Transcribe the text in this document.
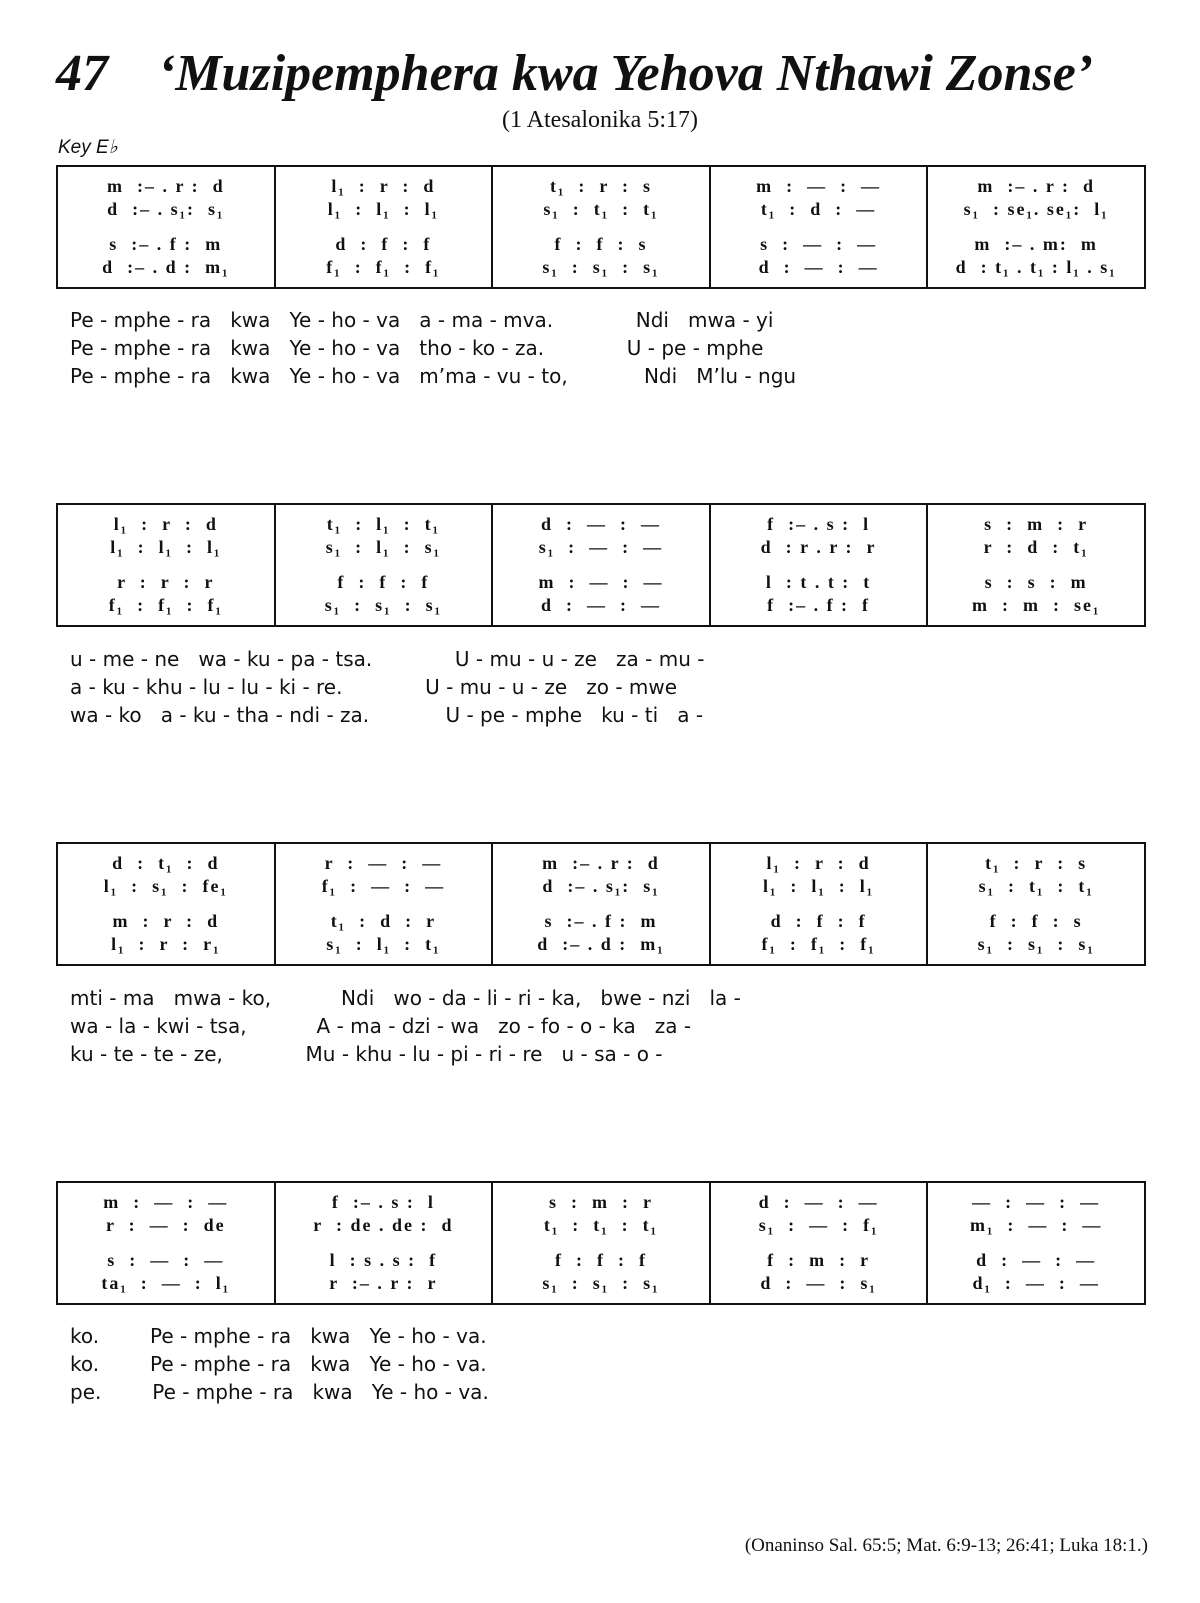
47 ‘Muzipemphera kwa Yehova Nthawi Zonse’
(1 Atesalonika 5:17)
Key E♭
m  :– . r :  d
d  :– . s₁:  s₁
s  :– . f :  m
d  :– . d :  m₁
l₁  :  r  :  d
l₁  :  l₁  :  l₁
d  :  f  :  f
f₁  :  f₁  :  f₁
t₁  :  r  :  s
s₁  :  t₁  :  t₁
f  :  f  :  s
s₁  :  s₁  :  s₁
m  :  —  :  —
t₁  :  d  :  —
s  :  —  :  —
d  :  —  :  —
m  :– . r :  d
s₁  : se₁. se₁:  l₁
m  :– . m:  m
d  : t₁ . t₁ : l₁ . s₁
Pe - mphe - ra   kwa   Ye - ho - va   a - ma - mva.             Ndi   mwa - yi
Pe - mphe - ra   kwa   Ye - ho - va   tho - ko - za.             U - pe - mphe
Pe - mphe - ra   kwa   Ye - ho - va   m’ma - vu - to,            Ndi   M’lu - ngu
l₁  :  r  :  d
l₁  :  l₁  :  l₁
r  :  r  :  r
f₁  :  f₁  :  f₁
t₁  :  l₁  :  t₁
s₁  :  l₁  :  s₁
f  :  f  :  f
s₁  :  s₁  :  s₁
d  :  —  :  —
s₁  :  —  :  —
m  :  —  :  —
d  :  —  :  —
f  :– . s :  l
d  : r . r :  r
l  : t . t :  t
f  :– . f :  f
s  :  m  :  r
r  :  d  :  t₁
s  :  s  :  m
m  :  m  :  se₁
u - me - ne   wa - ku - pa - tsa.             U - mu - u - ze   za - mu -
a - ku - khu - lu - lu - ki - re.             U - mu - u - ze   zo - mwe
wa - ko   a - ku - tha - ndi - za.            U - pe - mphe   ku - ti   a -
d  :  t₁  :  d
l₁  :  s₁  :  fe₁
m  :  r  :  d
l₁  :  r  :  r₁
r  :  —  :  —
f₁  :  —  :  —
t₁  :  d  :  r
s₁  :  l₁  :  t₁
m  :– . r :  d
d  :– . s₁:  s₁
s  :– . f :  m
d  :– . d :  m₁
l₁  :  r  :  d
l₁  :  l₁  :  l₁
d  :  f  :  f
f₁  :  f₁  :  f₁
t₁  :  r  :  s
s₁  :  t₁  :  t₁
f  :  f  :  s
s₁  :  s₁  :  s₁
mti - ma   mwa - ko,           Ndi   wo - da - li - ri - ka,   bwe - nzi   la -
wa - la - kwi - tsa,           A - ma - dzi - wa   zo - fo - o - ka   za -
ku - te - te - ze,             Mu - khu - lu - pi - ri - re   u - sa - o -
m  :  —  :  —
r  :  —  :  de
s  :  —  :  —
ta₁  :  —  :  l₁
f  :– . s :  l
r  : de . de :  d
l  : s . s :  f
r  :– . r :  r
s  :  m  :  r
t₁  :  t₁  :  t₁
f  :  f  :  f
s₁  :  s₁  :  s₁
d  :  —  :  —
s₁  :  —  :  f₁
f  :  m  :  r
d  :  —  :  s₁
—  :  —  :  —
m₁  :  —  :  —
d  :  —  :  —
d₁  :  —  :  —
ko.        Pe - mphe - ra   kwa   Ye - ho - va.
ko.        Pe - mphe - ra   kwa   Ye - ho - va.
pe.        Pe - mphe - ra   kwa   Ye - ho - va.
(Onaninso Sal. 65:5; Mat. 6:9-13; 26:41; Luka 18:1.)
